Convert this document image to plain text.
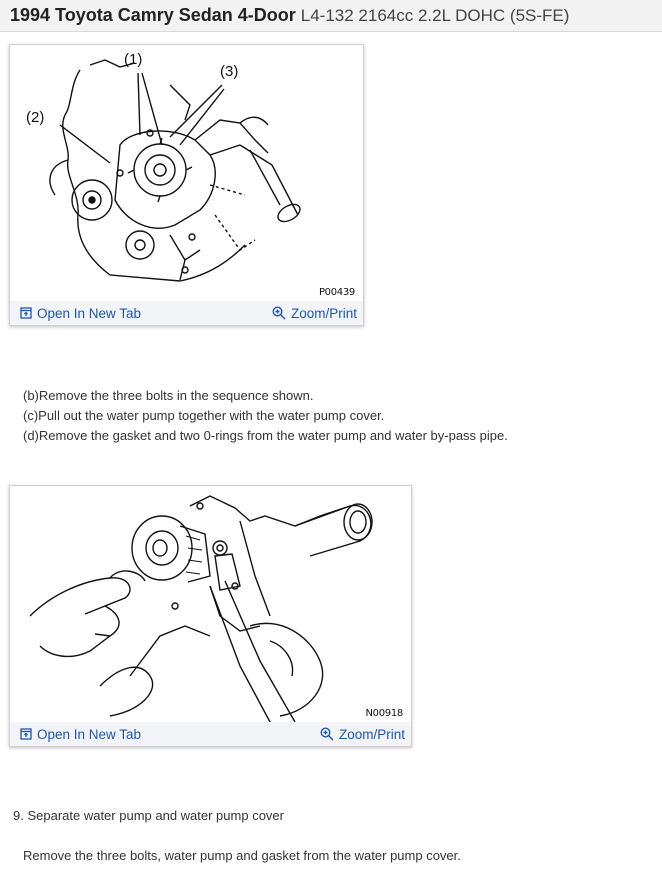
1994 Toyota Camry Sedan 4-Door L4-132 2164cc 2.2L DOHC (5S-FE)
P00439
(1)
(2)
(3)
Open In New Tab	Zoom/Print
(b)Remove the three bolts in the sequence shown.
(c)Pull out the water pump together with the water pump cover.
(d)Remove the gasket and two 0-rings from the water pump and water by-pass pipe.
N00918
Open In New Tab	Zoom/Print
9. Separate water pump and water pump cover
Remove the three bolts, water pump and gasket from the water pump cover.
